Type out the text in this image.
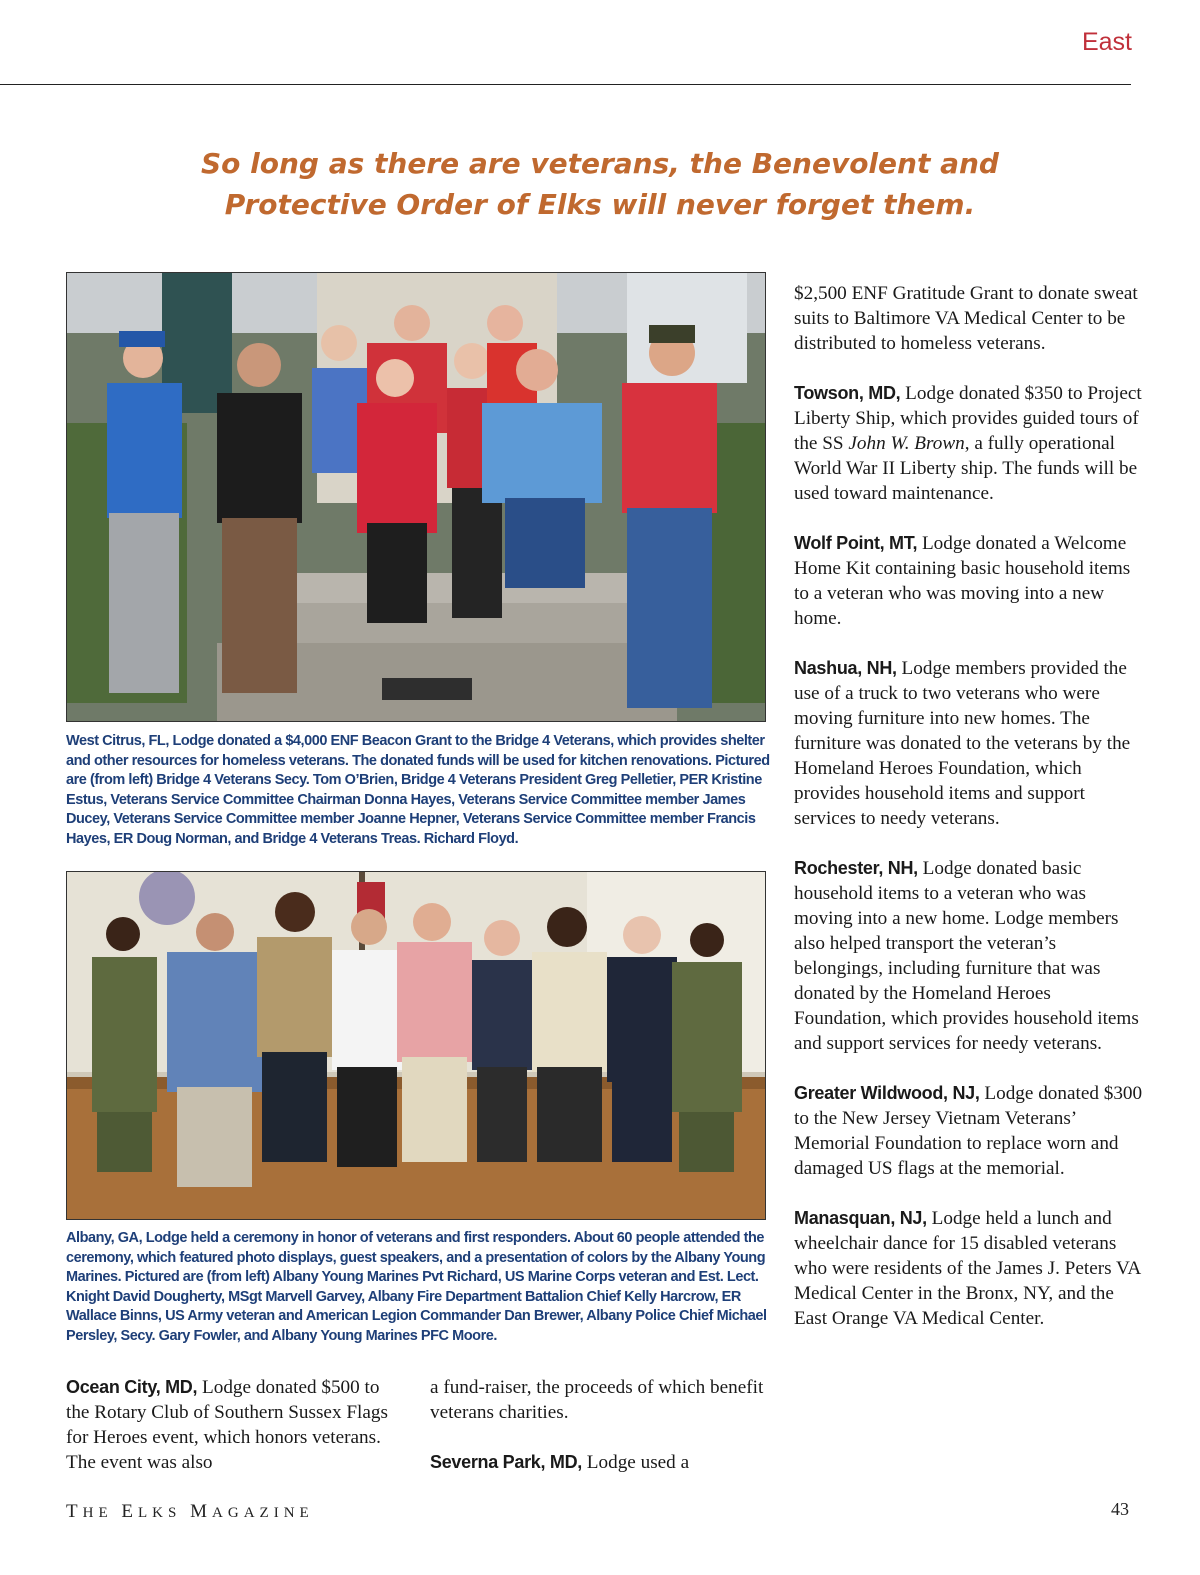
East
So long as there are veterans, the Benevolent and
Protective Order of Elks will never forget them.
West Citrus, FL, Lodge donated a $4,000 ENF Beacon Grant to the Bridge 4 Veterans, which provides shelter and other resources for homeless veterans. The donated funds will be used for kitchen renovations. Pictured are (from left) Bridge 4 Veterans Secy. Tom O’Brien, Bridge 4 Veterans President Greg Pelletier, PER Kristine Estus, Veterans Service Committee Chairman Donna Hayes, Veterans Service Committee member James Ducey, Veterans Service Committee member Joanne Hepner, Veterans Service Committee member Francis Hayes, ER Doug Norman, and Bridge 4 Veterans Treas. Richard Floyd.
Albany, GA, Lodge held a ceremony in honor of veterans and first responders. About 60 people attended the ceremony, which featured photo displays, guest speakers, and a presentation of colors by the Albany Young Marines. Pictured are (from left) Albany Young Marines Pvt Richard, US Marine Corps veteran and Est. Lect. Knight David Dougherty, MSgt Marvell Garvey, Albany Fire Department Battalion Chief Kelly Harcrow, ER Wallace Binns, US Army veteran and American Legion Commander Dan Brewer, Albany Police Chief Michael Persley, Secy. Gary Fowler, and Albany Young Marines PFC Moore.

$2,500 ENF Gratitude Grant to donate sweat suits to Baltimore VA Medical Center to be distributed to homeless veterans.

Towson, MD, Lodge donated $350 to Project Liberty Ship, which provides guided tours of the SS John W. Brown, a fully operational World War II Liberty ship. The funds will be used toward maintenance.

Wolf Point, MT, Lodge donated a Welcome Home Kit containing basic household items to a veteran who was moving into a new home.

Nashua, NH, Lodge members provided the use of a truck to two veterans who were moving furniture into new homes. The furniture was donated to the veterans by the Homeland Heroes Foundation, which provides household items and support services to needy veterans.

Rochester, NH, Lodge donated basic household items to a veteran who was moving into a new home. Lodge members also helped transport the veteran’s belongings, including furniture that was donated by the Homeland Heroes Foundation, which provides household items and support services for needy veterans.

Greater Wildwood, NJ, Lodge donated $300 to the New Jersey Vietnam Veterans’ Memorial Foundation to replace worn and damaged US flags at the memorial.

Manasquan, NJ, Lodge held a lunch and wheelchair dance for 15 disabled veterans who were residents of the James J. Peters VA Medical Center in the Bronx, NY, and the East Orange VA Medical Center.

Ocean City, MD, Lodge donated $500 to the Rotary Club of Southern Sussex Flags for Heroes event, which honors veterans. The event was also

a fund-raiser, the proceeds of which benefit veterans charities.

Severna Park, MD, Lodge used a

THE ELKS MAGAZINE	43
